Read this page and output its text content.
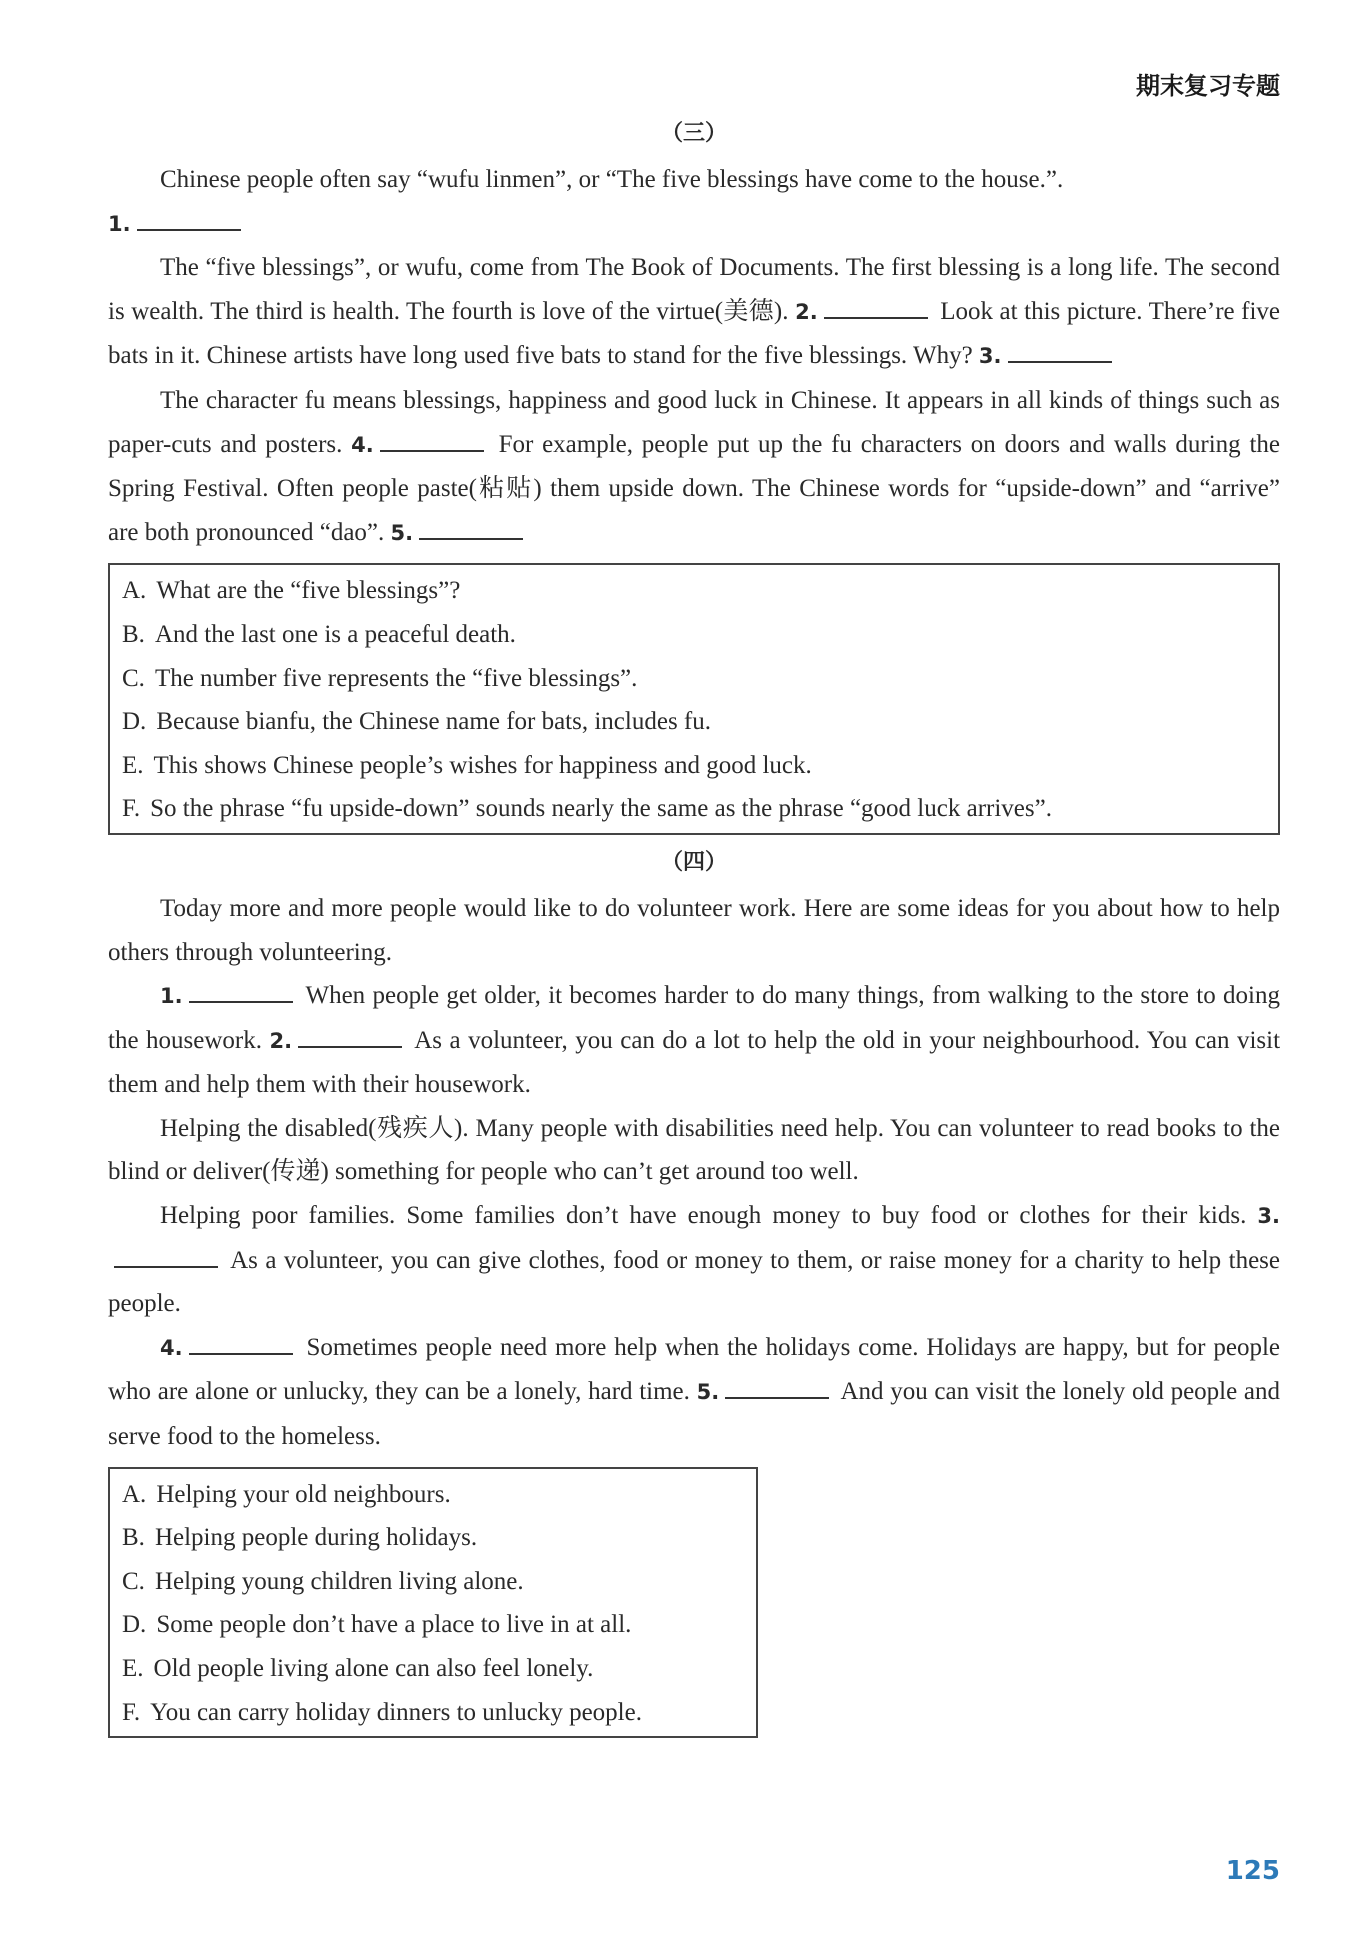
期末复习专题
（三）

Chinese people often say “wufu linmen”, or “The five blessings have come to the house.”.

1.

The “five blessings”, or wufu, come from The Book of Documents. The first blessing is a long life. The second is wealth. The third is health. The fourth is love of the virtue(美德). 2.	Look at this picture. There’re five bats in it. Chinese artists have long used five bats to stand for the five blessings. Why? 3.

The character fu means blessings, happiness and good luck in Chinese. It appears in all kinds of things such as paper-cuts and posters. 4.	For example, people put up the fu characters on doors and walls during the Spring Festival. Often people paste(粘贴) them upside down. The Chinese words for “upside-down” and “arrive” are both pronounced “dao”. 5.

A. What are the “five blessings”?
B. And the last one is a peaceful death.
C. The number five represents the “five blessings”.
D. Because bianfu, the Chinese name for bats, includes fu.
E. This shows Chinese people’s wishes for happiness and good luck.
F. So the phrase “fu upside-down” sounds nearly the same as the phrase “good luck arrives”.
（四）

Today more and more people would like to do volunteer work. Here are some ideas for you about how to help others through volunteering.

1.	When people get older, it becomes harder to do many things, from walking to the store to doing the housework. 2.	As a volunteer, you can do a lot to help the old in your neighbourhood. You can visit them and help them with their housework.

Helping the disabled(残疾人). Many people with disabilities need help. You can volunteer to read books to the blind or deliver(传递) something for people who can’t get around too well.

Helping poor families. Some families don’t have enough money to buy food or clothes for their kids. 3. As a volunteer, you can give clothes, food or money to them, or raise money for a charity to help these people.

4.	Sometimes people need more help when the holidays come. Holidays are happy, but for people who are alone or unlucky, they can be a lonely, hard time. 5.	And you can visit the lonely old people and serve food to the homeless.

A. Helping your old neighbours.
B. Helping people during holidays.
C. Helping young children living alone.
D. Some people don’t have a place to live in at all.
E. Old people living alone can also feel lonely.
F. You can carry holiday dinners to unlucky people.
125
